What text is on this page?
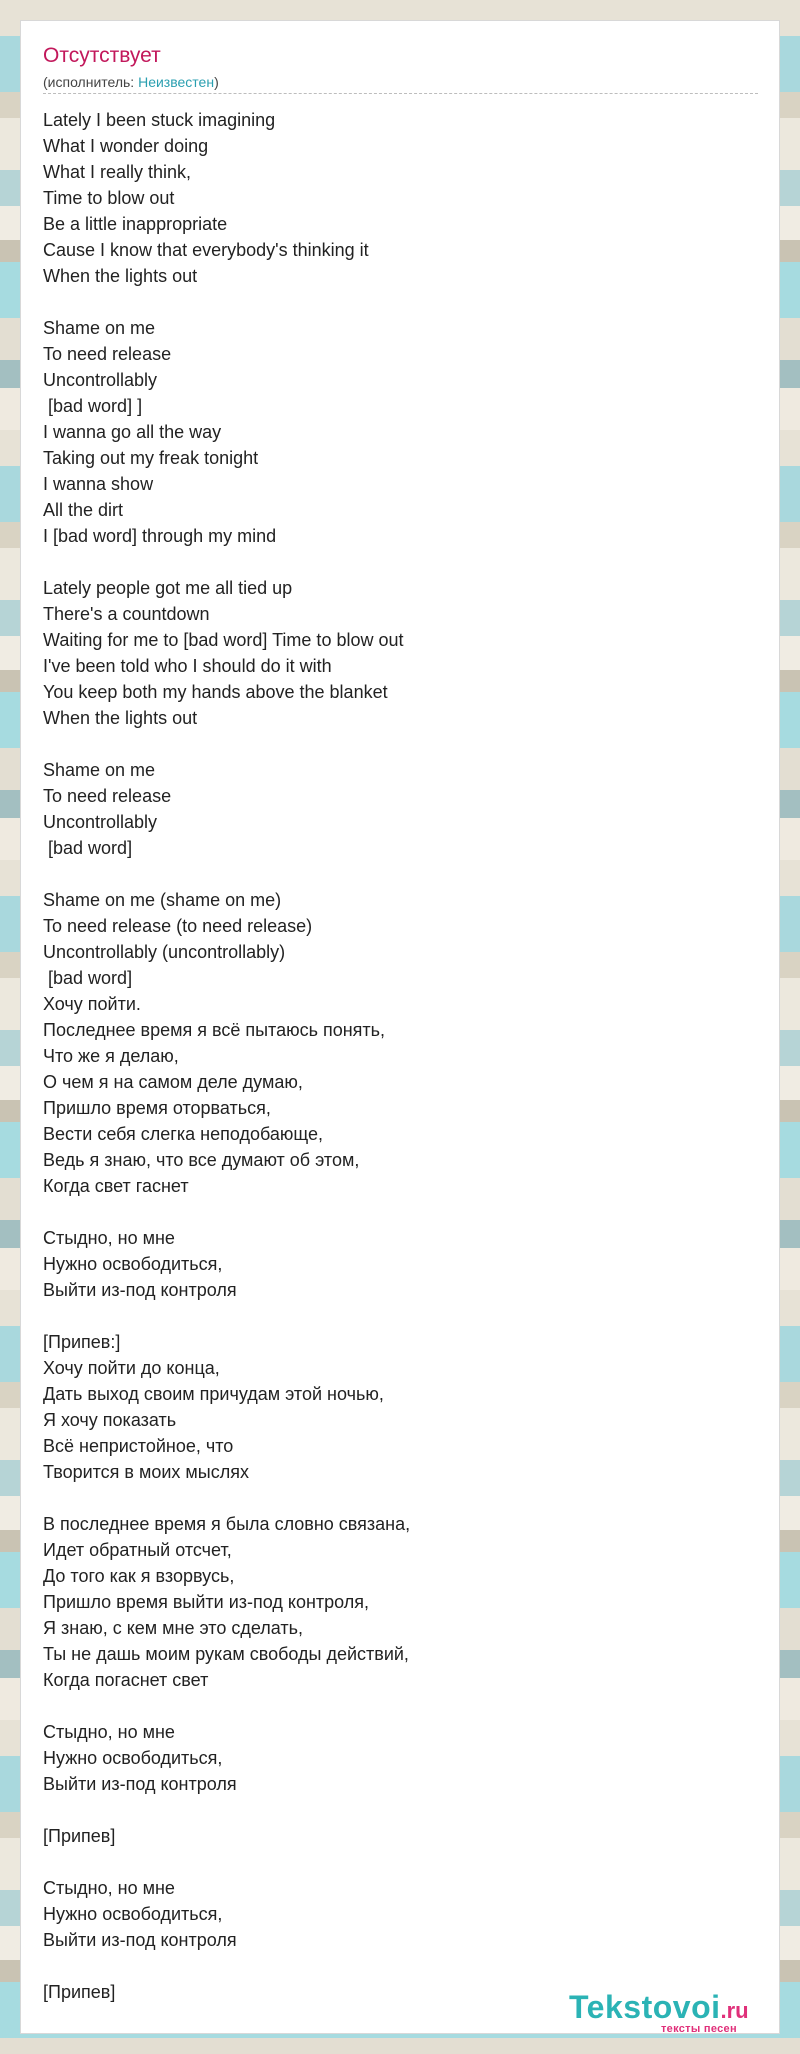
Отсутствует
(исполнитель: Неизвестен)
Lately I been stuck imagining
What I wonder doing
What I really think,
Time to blow out
Be a little inappropriate
Cause I know that everybody's thinking it
When the lights out

Shame on me
To need release
Uncontrollably
[bad word] ]
I wanna go all the way
Taking out my freak tonight
I wanna show
All the dirt
I [bad word] through my mind

Lately people got me all tied up
There's a countdown
Waiting for me to [bad word] Time to blow out
I've been told who I should do it with
You keep both my hands above the blanket
When the lights out

Shame on me
To need release
Uncontrollably
[bad word]

Shame on me (shame on me)
To need release (to need release)
Uncontrollably (uncontrollably)
[bad word]
Хочу пойти.
Последнее время я всё пытаюсь понять,
Что же я делаю,
О чем я на самом деле думаю,
Пришло время оторваться,
Вести себя слегка неподобающе,
Ведь я знаю, что все думают об этом,
Когда свет гаснет

Стыдно, но мне
Нужно освободиться,
Выйти из-под контроля

[Припев:]
Хочу пойти до конца,
Дать выход своим причудам этой ночью,
Я хочу показать
Всё непристойное, что
Творится в моих мыслях

В последнее время я была словно связана,
Идет обратный отсчет,
До того как я взорвусь,
Пришло время выйти из-под контроля,
Я знаю, с кем мне это сделать,
Ты не дашь моим рукам свободы действий,
Когда погаснет свет

Стыдно, но мне
Нужно освободиться,
Выйти из-под контроля

[Припев]

Стыдно, но мне
Нужно освободиться,
Выйти из-под контроля

[Припев]	Tekstovoi.ru
тексты песен
